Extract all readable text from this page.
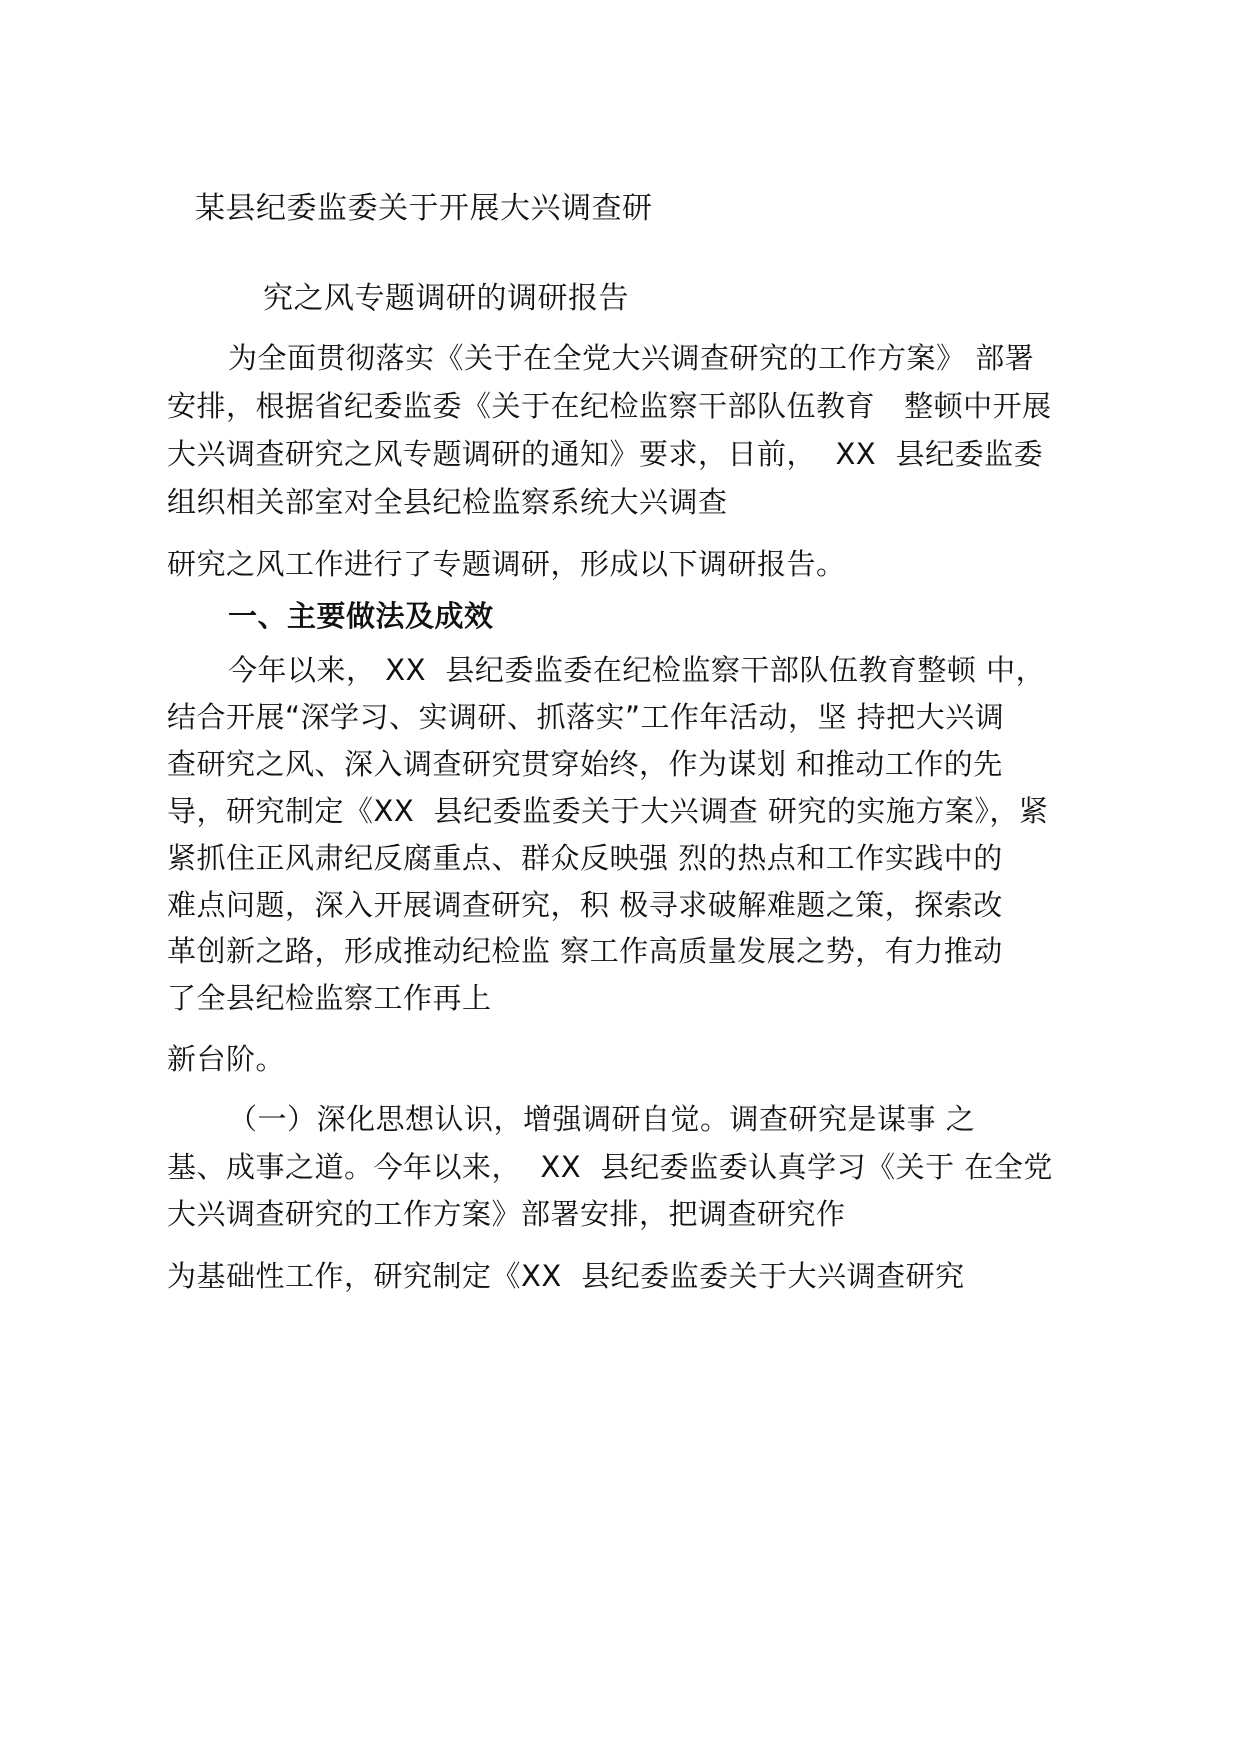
某县纪委监委关于开展大兴调查研
究之风专题调研的调研报告
为全面贯彻落实《关于在全党大兴调查研究的工作方案》 部署
安排，根据省纪委监委《关于在纪检监察干部队伍教育   整顿中开展
大兴调查研究之风专题调研的通知》要求，日前，  XX  县纪委监委
组织相关部室对全县纪检监察系统大兴调查
研究之风工作进行了专题调研，形成以下调研报告。
一、主要做法及成效
今年以来， XX  县纪委监委在纪检监察干部队伍教育整顿 中，
结合开展“深学习、实调研、抓落实”工作年活动，坚 持把大兴调
查研究之风、深入调查研究贯穿始终，作为谋划 和推动工作的先
导，研究制定《XX  县纪委监委关于大兴调查 研究的实施方案》，紧
紧抓住正风肃纪反腐重点、群众反映强 烈的热点和工作实践中的
难点问题，深入开展调查研究，积 极寻求破解难题之策，探索改
革创新之路，形成推动纪检监 察工作高质量发展之势，有力推动
了全县纪检监察工作再上
新台阶。
（一）深化思想认识，增强调研自觉。调查研究是谋事 之
基、成事之道。今年以来，  XX  县纪委监委认真学习《关于 在全党
大兴调查研究的工作方案》部署安排，把调查研究作
为基础性工作，研究制定《XX  县纪委监委关于大兴调查研究
